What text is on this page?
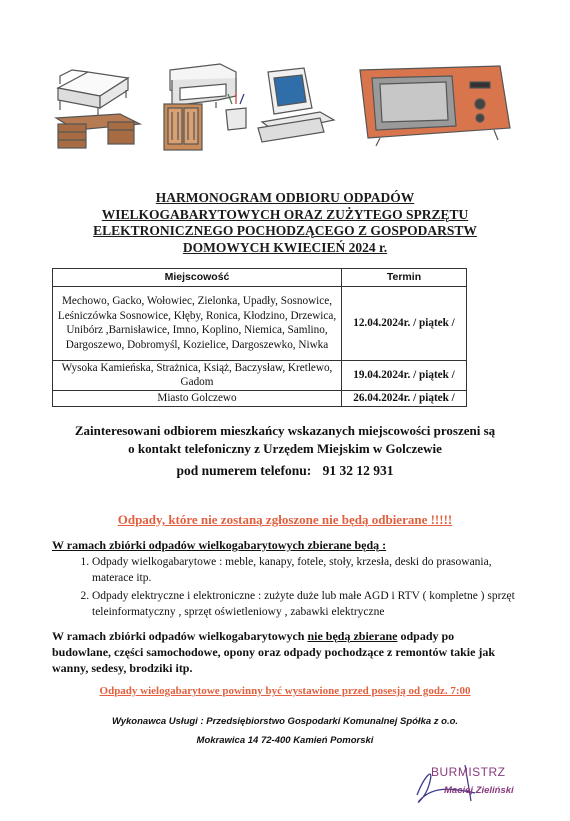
HARMONOGRAM ODBIORU ODPADÓW
WIELKOGABARYTOWYCH ORAZ ZUŻYTEGO SPRZĘTU
ELEKTRONICZNEGO POCHODZĄCEGO Z GOSPODARSTW
DOMOWYCH KWIECIEŃ 2024 r.
Miejscowość	Termin
Mechowo, Gacko, Wołowiec, Zielonka, Upadły, Sosnowice, Leśniczówka Sosnowice, Kłęby, Ronica, Kłodzino, Drzewica, Unibórz ,Barnisławice, Imno, Koplino, Niemica, Samlino, Dargoszewo, Dobromyśl, Kozielice, Dargoszewko, Niwka	12.04.2024r. / piątek /
Wysoka Kamieńska, Strażnica, Książ, Baczysław, Kretlewo, Gadom	19.04.2024r. / piątek /
Miasto Golczewo	26.04.2024r. / piątek /
Zainteresowani odbiorem mieszkańcy wskazanych miejscowości proszeni są
o kontakt telefoniczny z Urzędem Miejskim w Golczewie
pod numerem telefonu: 91 32 12 931
Odpady, które nie zostaną zgłoszone nie będą odbierane !!!!!
W ramach zbiórki odpadów wielkogabarytowych zbierane będą :
1. Odpady wielkogabarytowe : meble, kanapy, fotele, stoły, krzesła, deski do prasowania, materace itp.
2. Odpady elektryczne i elektroniczne : zużyte duże lub małe AGD i RTV ( kompletne ) sprzęt teleinformatyczny , sprzęt oświetleniowy , zabawki elektryczne
W ramach zbiórki odpadów wielkogabarytowych nie będą zbierane odpady po budowlane, części samochodowe, opony oraz odpady pochodzące z remontów takie jak wanny, sedesy, brodziki itp.
Odpady wielogabarytowe powinny być wystawione przed posesją od godz. 7:00
Wykonawca Usługi : Przedsiębiorstwo Gospodarki Komunalnej Spółka z o.o.
Mokrawica 14 72-400 Kamień Pomorski
BURMISTRZ
Maciej Zieliński
